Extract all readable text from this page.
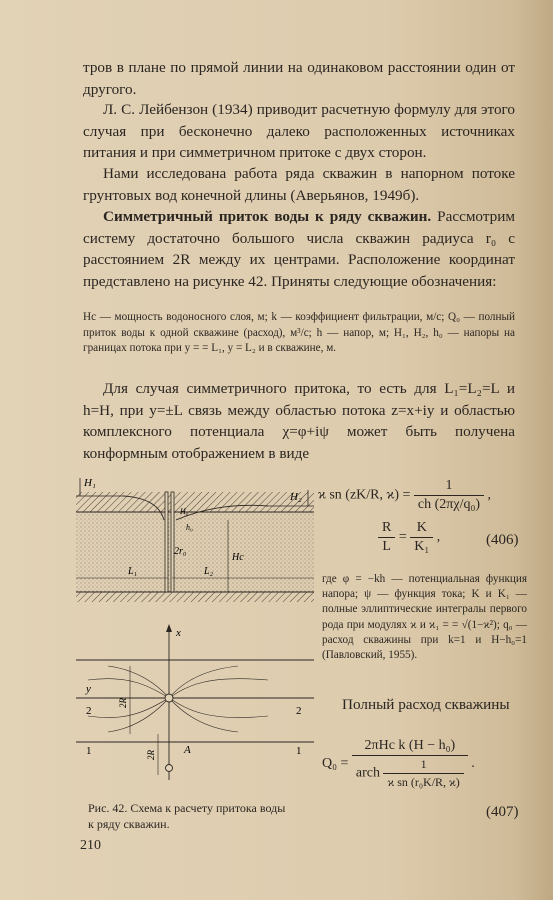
тров в плане по прямой линии на одинаковом расстоянии один от другого.

Л. С. Лейбензон (1934) приводит расчетную формулу для этого случая при бесконечно далеко расположенных источниках питания и при симметричном притоке с двух сторон.

Нами исследована работа ряда скважин в напорном потоке грунтовых вод конечной длины (Аверьянов, 1949б).

Симметричный приток воды к ряду скважин. Рассмотрим систему достаточно большого числа скважин радиуса r₀ с расстоянием 2R между их центрами. Расположение координат представлено на рисунке 42. Приняты следующие обозначения:

Hс — мощность водоносного слоя, м; k — коэффициент фильтрации, м/с; Q₀ — полный приток воды к одной скважине (расход), м³/с; h — напор, м; H₁, H₂, h₀ — напоры на границах потока при y = = L₁, y = L₂ и в скважине, м.

Для случая симметричного притока, то есть для L₁=L₂=L и h=H, при y=±L связь между областью потока z=x+iy и областью комплексного потенциала χ=φ+iψ может быть получена конформным отображением в виде

H₁
H₂
H₀
h₀
2r₀
L₁	L₂
Hс
x
y
2	2
1	1
2R
2R	A
Рис. 42. Схема к расчету притока воды к ряду скважин.
ϰ sn (zK/R, $ϰ) = \frac{1}{\text{ch (2πχ/q₀)}}$ ,
$\frac{R}{L} = \frac{K}{\text{K₁}}$ ,	(406)
где φ = −kh — потенциальная функция напора; ψ — функция тока; K и K₁ — полные эллиптические интегралы первого рода при модулях ϰ и ϰ₁ = = √(1−ϰ²); q₀ — расход скважины при k=1 и H−h₀=1 (Павловский, 1955).
Полный расход скважины
$Q_0 = \frac{\text{2πHс k (H − h₀)}}{arch \frac{1}{\text{ϰ sn (r₀K/R, ϰ)}}}$ .
(407)
210
